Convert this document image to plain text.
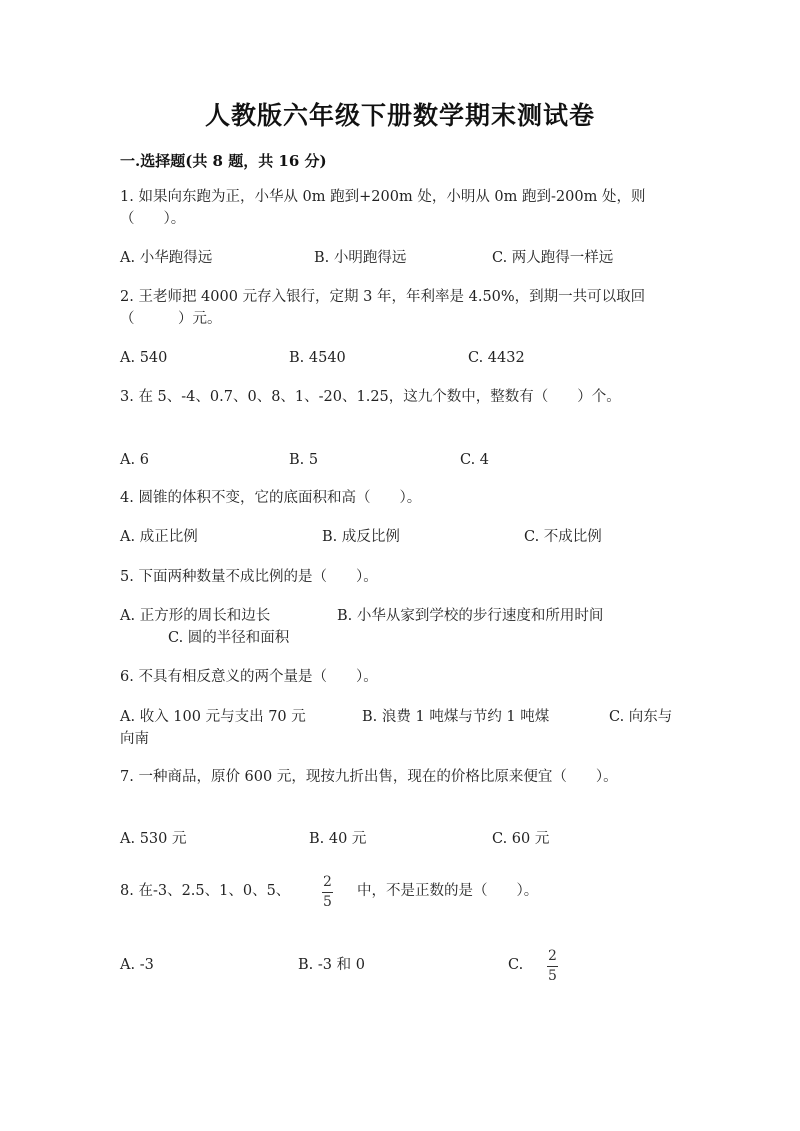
人教版六年级下册数学期末测试卷
一.选择题(共 8 题，共 16 分)
1. 如果向东跑为正，小华从 0m 跑到+200m 处，小明从 0m 跑到-200m 处，则（　　）。
A. 小华跑得远	B. 小明跑得远	C. 两人跑得一样远
2. 王老师把 4000 元存入银行，定期 3 年，年利率是 4.50%，到期一共可以取回（　　　）元。
A. 540	B. 4540	C. 4432
3. 在 5、-4、0.7、0、8、1、-20、1.25，这九个数中，整数有（　　）个。
A. 6	B. 5	C. 4
4. 圆锥的体积不变，它的底面积和高（　　）。
A. 成正比例	B. 成反比例	C. 不成比例
5. 下面两种数量不成比例的是（　　）。
A. 正方形的周长和边长	B. 小华从家到学校的步行速度和所用时间
C. 圆的半径和面积
6. 不具有相反意义的两个量是（　　）。
A. 收入 100 元与支出 70 元	B. 浪费 1 吨煤与节约 1 吨煤	C. 向东与
向南
7. 一种商品，原价 600 元，现按九折出售，现在的价格比原来便宜（　　）。
A. 530 元	B. 40 元	C. 60 元
8. 在-3、2.5、1、0、5、
2
5
中，不是正数的是（　　）。
A. -3	B. -3 和 0	C.
2
5
